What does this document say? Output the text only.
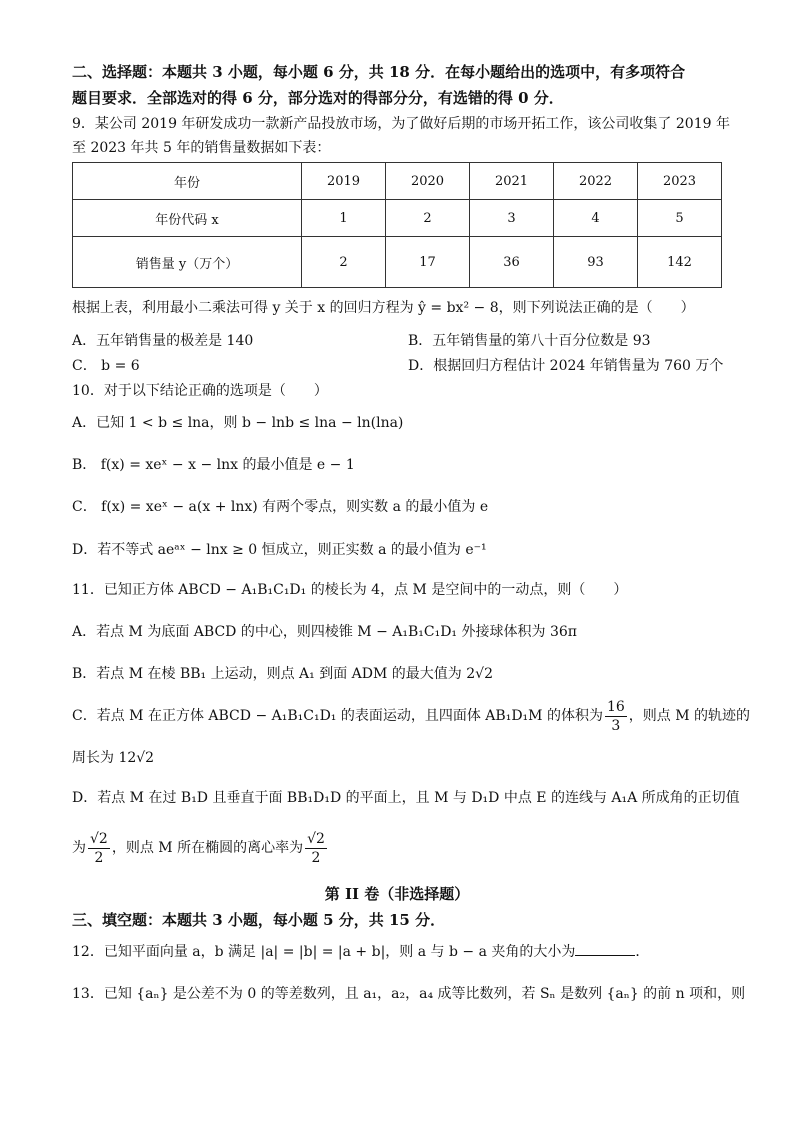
二、选择题：本题共 3 小题，每小题 6 分，共 18 分．在每小题给出的选项中，有多项符合
题目要求．全部选对的得 6 分，部分选对的得部分分，有选错的得 0 分．
9．某公司 2019 年研发成功一款新产品投放市场，为了做好后期的市场开拓工作，该公司收集了 2019 年
至 2023 年共 5 年的销售量数据如下表：
年份	2019	2020	2021	2022	2023
年份代码 x	1	2	3	4	5
销售量 y（万个）	2	17	36	93	142
根据上表，利用最小二乘法可得 y 关于 x 的回归方程为 ŷ = bx² − 8，则下列说法正确的是（　　）
A．五年销售量的极差是 140	B．五年销售量的第八十百分位数是 93
C． b = 6	D．根据回归方程估计 2024 年销售量为 760 万个
10．对于以下结论正确的选项是（　　）
A．已知 1 < b ≤ lna，则 b − lnb ≤ lna − ln(lna)
B． f(x) = xeˣ − x − lnx 的最小值是 e − 1
C． f(x) = xeˣ − a(x + lnx) 有两个零点，则实数 a 的最小值为 e
D．若不等式 aeᵃˣ − lnx ≥ 0 恒成立，则正实数 a 的最小值为 e⁻¹
11．已知正方体 ABCD − A₁B₁C₁D₁ 的棱长为 4，点 M 是空间中的一动点，则（　　）
A．若点 M 为底面 ABCD 的中心，则四棱锥 M − A₁B₁C₁D₁ 外接球体积为 36π
B．若点 M 在棱 BB₁ 上运动，则点 A₁ 到面 ADM 的最大值为 2√2
C．若点 M 在正方体 ABCD − A₁B₁C₁D₁ 的表面运动，且四面体 AB₁D₁M 的体积为 $\frac{16}{3}$ ，则点 M 的轨迹的
周长为 12√2
D．若点 M 在过 B₁D 且垂直于面 BB₁D₁D 的平面上，且 M 与 D₁D 中点 E 的连线与 A₁A 所成角的正切值
为 $\frac{√2}{2}$ ，则点 M 所在椭圆的离心率为 $\frac{√2}{2}$
第 II 卷（非选择题）
三、填空题：本题共 3 小题，每小题 5 分，共 15 分．
12．已知平面向量 a，b 满足 |a| = |b| = |a + b|，则 a 与 b − a 夹角的大小为	．
13．已知 {aₙ} 是公差不为 0 的等差数列，且 a₁，a₂，a₄ 成等比数列，若 Sₙ 是数列 {aₙ} 的前 n 项和，则
